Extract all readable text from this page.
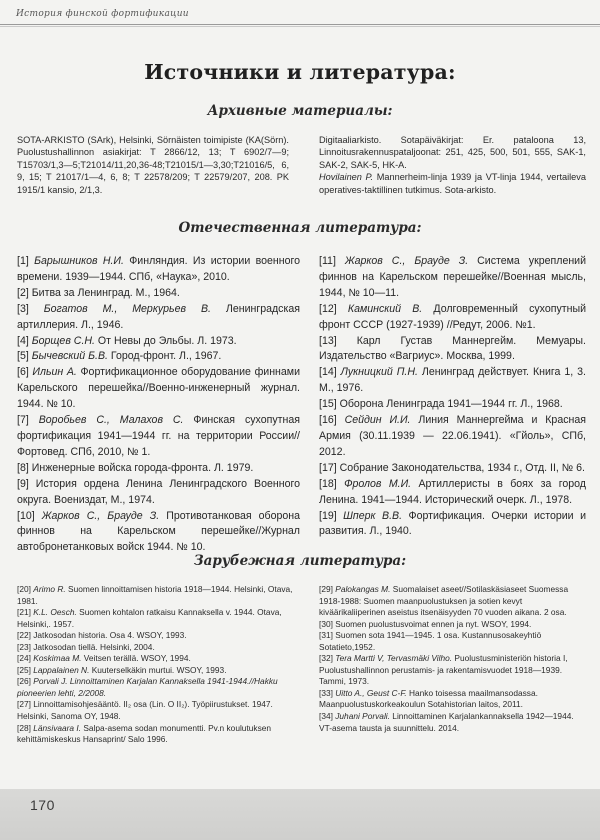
История финской фортификации
Источники и литература:
Архивные материалы:

SOTA-ARKISTO (SArk), Helsinki, Sörnäisten toimipiste (KA(Sörn). Puolustushallinnon asiakirjat: T 2866/12, 13; T 6902/7—9; T15703/1,3—5;T21014/11,20,36-48;T21015/1—3,30;T21016/5, 6, 9, 15; T 21017/1—4, 6, 8; T 22578/209; T 22579/207, 208. PK 1915/1 kansio, 2/1,3.

Digitaaliarkisto. Sotapäiväkirjat: Er. pataloona 13, Linnoitusrakennuspataljoonat: 251, 425, 500, 501, 555, SAK-1, SAK-2, SAK-5, HK-A.

Hovilainen P. Mannerheim-linja 1939 ja VT-linja 1944, vertaileva operatives-taktillinen tutkimus. Sota-arkisto.

Отечественная литература:
[1] Барышников Н.И. Финляндия. Из истории военного времени. 1939—1944. СПб, «Наука», 2010.
[2] Битва за Ленинград. М., 1964.
[3] Богатов М., Меркурьев В. Ленинградская артиллерия. Л., 1946.
[4] Борщев С.Н. От Невы до Эльбы. Л. 1973.
[5] Бычевский Б.В. Город-фронт. Л., 1967.
[6] Ильин А. Фортификационное оборудование финнами Карельского перешейка//Военно-инженерный журнал. 1944. № 10.
[7] Воробьев С., Малахов С. Финская сухопутная фортификация 1941—1944 гг. на территории России//Фортовед. СПб, 2010, № 1.
[8] Инженерные войска города-фронта. Л. 1979.
[9] История ордена Ленина Ленинградского Военного округа. Воениздат, М., 1974.
[10] Жарков С., Брауде З. Противотанковая оборона финнов на Карельском перешейке//Журнал автобронетанковых войск 1944. № 10.
[11] Жарков С., Брауде З. Система укреплений финнов на Карельском перешейке//Военная мысль, 1944, № 10—11.
[12] Каминский В. Долговременный сухопутный фронт СССР (1927-1939) //Редут, 2006. №1.
[13] Карл Густав Маннергейм. Мемуары. Издательство «Вагриус». Москва, 1999.
[14] Лукницкий П.Н. Ленинград действует. Книга 1, 3. М., 1976.
[15] Оборона Ленинграда 1941—1944 гг. Л., 1968.
[16] Сейдин И.И. Линия Маннергейма и Красная Армия (30.11.1939 — 22.06.1941). «Гйоль», СПб, 2012.
[17] Собрание Законодательства, 1934 г., Отд. II, № 6.
[18] Фролов М.И. Артиллеристы в боях за город Ленина. 1941—1944. Исторический очерк. Л., 1978.
[19] Шперк В.В. Фортификация. Очерки истории и развития. Л., 1940.
Зарубежная литература:
[20] Arimo R. Suomen linnoittamisen historia 1918—1944. Helsinki, Otava, 1981.
[21] K.L. Oesch. Suomen kohtalon ratkaisu Kannaksella v. 1944. Otava, Helsinki,. 1957.
[22] Jatkosodan historia. Osa 4. WSOY, 1993.
[23] Jatkosodan tiellä. Helsinki, 2004.
[24] Koskimaa M. Veitsen terällä. WSOY, 1994.
[25] Lappalainen N. Kuuterselkäkin murtui. WSOY, 1993.
[26] Porvali J. Linnoittaminen Karjalan Kannaksella 1941-1944.//Hakku pioneerien lehti, 2/2008.
[27] Linnoittamisohjesääntö. II₂ osa (Lin. O II₂). Työpiirustukset. 1947. Helsinki, Sanoma OY, 1948.
[28] Länsivaara I. Salpa-asema sodan monumentti. Pv.n koulutuksen kehittämiskeskus Hansaprint/ Salo 1996.
[29] Palokangas M. Suomalaiset aseet//Sotilaskäsiaseet Suomessa 1918-1988: Suomen maanpuolustuksen ja sotien kevyt kiväärikaliiperinen aseistus itsenäisyyden 70 vuoden aikana. 2 osa.
[30] Suomen puolustusvoimat ennen ja nyt. WSOY, 1994.
[31] Suomen sota 1941—1945. 1 osa. Kustannusosakeyhtiö Sotatieto,1952.
[32] Tera Martti V, Tervasmäki Vilho. Puolustusministeriön historia I, Puolustushallinnon perustamis- ja rakentamisvuodet 1918—1939. Tammi, 1973.
[33] Uitto A., Geust C-F. Hanko toisessa maailmansodassa. Maanpuolustuskorkeakoulun Sotahistorian laitos, 2011.
[34] Juhani Porvali. Linnoittaminen Karjalankannaksella 1942—1944. VT-asema tausta ja suunnittelu. 2014.
170
